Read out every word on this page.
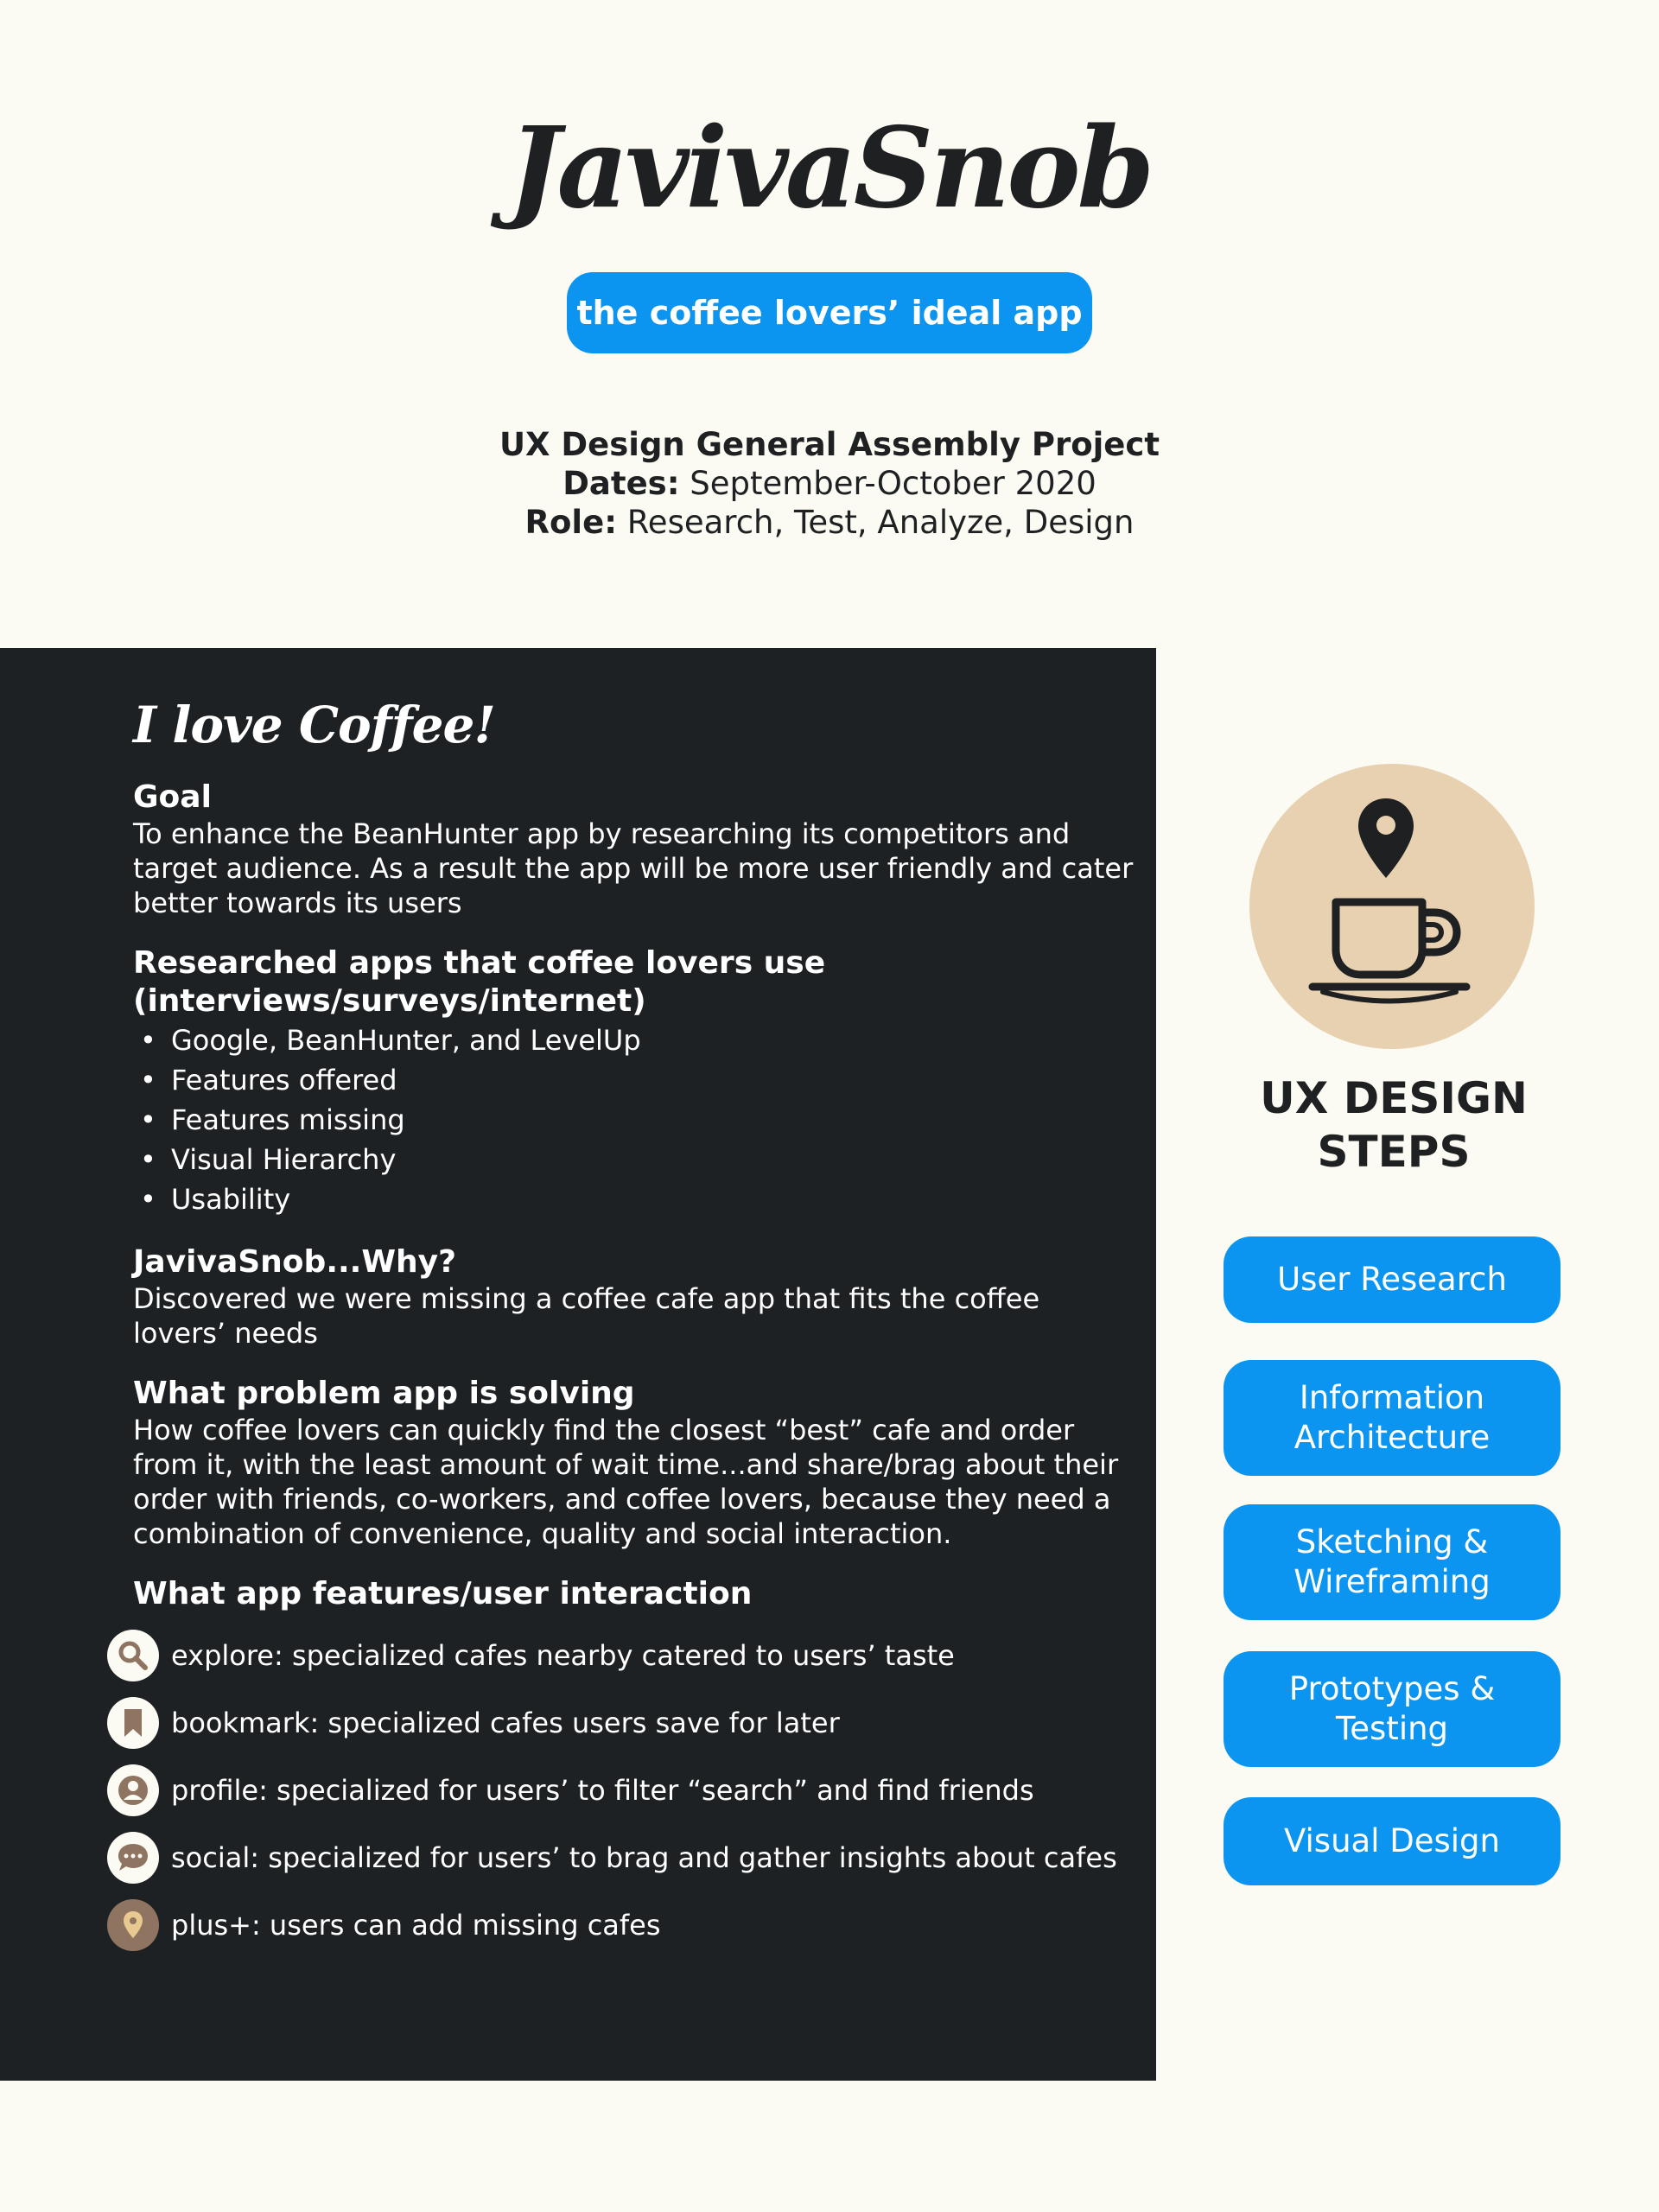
JavivaSnob
the coffee lovers’ ideal app
UX Design General Assembly Project
Dates: September-October 2020
Role: Research, Test, Analyze, Design
I love Coffee!
Goal
To enhance the BeanHunter app by researching its competitors and target audience. As a result the app will be more user friendly and cater better towards its users
Researched apps that coffee lovers use
(interviews/surveys/internet)
• Google, BeanHunter, and LevelUp
• Features offered
• Features missing
• Visual Hierarchy
• Usability
JavivaSnob...Why?
Discovered we were missing a coffee cafe app that fits the coffee lovers’ needs
What problem app is solving
How coffee lovers can quickly find the closest “best” cafe and order from it, with the least amount of wait time...and share/brag about their order with friends, co-workers, and coffee lovers, because they need a combination of convenience, quality and social interaction.
What app features/user interaction
explore: specialized cafes nearby catered to users’ taste
bookmark: specialized cafes users save for later
profile: specialized for users’ to filter “search” and find friends
social: specialized for users’ to brag and gather insights about cafes
plus+: users can add missing cafes
UX DESIGN
STEPS
User Research
Information
Architecture
Sketching &
Wireframing
Prototypes &
Testing
Visual Design
